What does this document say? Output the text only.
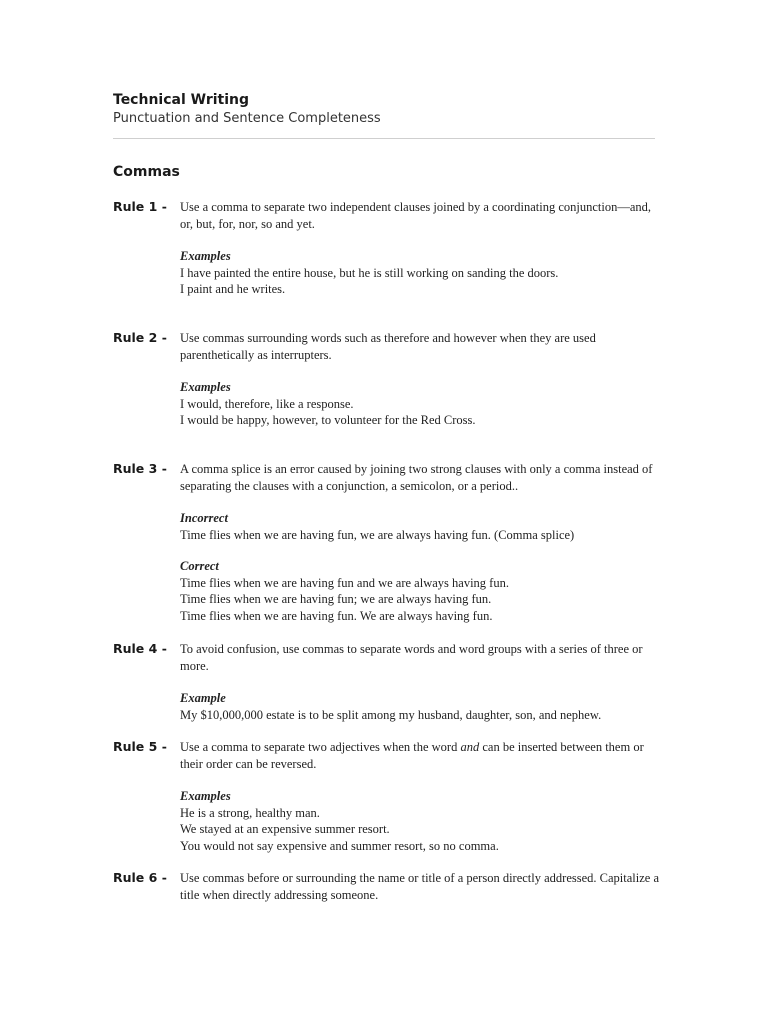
Technical Writing
Punctuation and Sentence Completeness
Commas
Rule 1 - Use a comma to separate two independent clauses joined by a coordinating conjunction—and, or, but, for, nor, so and yet.

Examples

I have painted the entire house, but he is still working on sanding the doors.
I paint and he writes.
Rule 2 - Use commas surrounding words such as therefore and however when they are used parenthetically as interrupters.

Examples

I would, therefore, like a response.
I would be happy, however, to volunteer for the Red Cross.
Rule 3 - A comma splice is an error caused by joining two strong clauses with only a comma instead of separating the clauses with a conjunction, a semicolon, or a period..

Incorrect

Time flies when we are having fun, we are always having fun. (Comma splice)

Correct

Time flies when we are having fun and we are always having fun.
Time flies when we are having fun; we are always having fun.
Time flies when we are having fun. We are always having fun.
Rule 4 - To avoid confusion, use commas to separate words and word groups with a series of three or more.

Example

My $10,000,000 estate is to be split among my husband, daughter, son, and nephew.
Rule 5 - Use a comma to separate two adjectives when the word and can be inserted between them or their order can be reversed.

Examples

He is a strong, healthy man.
We stayed at an expensive summer resort.
You would not say expensive and summer resort, so no comma.
Rule 6 - Use commas before or surrounding the name or title of a person directly addressed. Capitalize a title when directly addressing someone.
